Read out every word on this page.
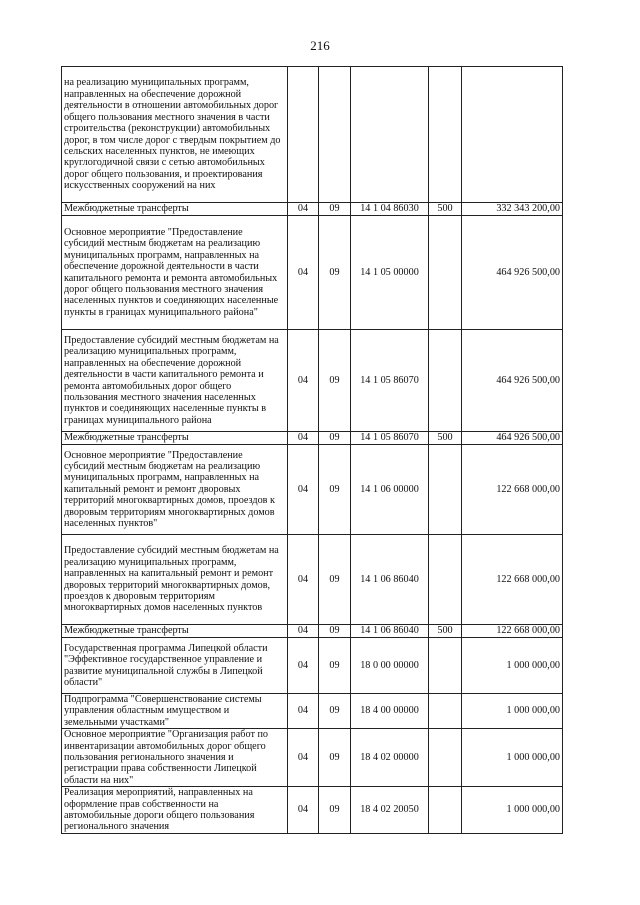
216
на реализацию муниципальных программ, направленных на обеспечение дорожной деятельности в отношении автомобильных дорог общего пользования местного значения в части строительства (реконструкции) автомобильных дорог, в том числе дорог с твердым покрытием до сельских населенных пунктов, не имеющих круглогодичной связи с сетью автомобильных дорог общего пользования, и проектирования искусственных сооружений на них					
Межбюджетные трансферты	04	09	14 1 04 86030	500	332 343 200,00
Основное мероприятие "Предоставление субсидий местным бюджетам на реализацию муниципальных программ, направленных на обеспечение дорожной деятельности в части капитального ремонта и ремонта автомобильных дорог общего пользования местного значения населенных пунктов и соединяющих населенные пункты в границах муниципального района"	04	09	14 1 05 00000		464 926 500,00
Предоставление субсидий местным бюджетам на реализацию муниципальных программ, направленных на обеспечение дорожной деятельности в части капитального ремонта и ремонта автомобильных дорог общего пользования местного значения населенных пунктов и соединяющих населенные пункты в границах муниципального района	04	09	14 1 05 86070		464 926 500,00
Межбюджетные трансферты	04	09	14 1 05 86070	500	464 926 500,00
Основное мероприятие "Предоставление субсидий местным бюджетам на реализацию муниципальных программ, направленных на капитальный ремонт и ремонт дворовых территорий многоквартирных домов, проездов к дворовым территориям многоквартирных домов населенных пунктов"	04	09	14 1 06 00000		122 668 000,00
Предоставление субсидий местным бюджетам на реализацию муниципальных программ, направленных на капитальный ремонт и ремонт дворовых территорий многоквартирных домов, проездов к дворовым территориям многоквартирных домов населенных пунктов	04	09	14 1 06 86040		122 668 000,00
Межбюджетные трансферты	04	09	14 1 06 86040	500	122 668 000,00
Государственная программа Липецкой области "Эффективное государственное управление и развитие муниципальной службы в Липецкой области"	04	09	18 0 00 00000		1 000 000,00
Подпрограмма "Совершенствование системы управления областным имуществом и земельными участками"	04	09	18 4 00 00000		1 000 000,00
Основное мероприятие "Организация работ по инвентаризации автомобильных дорог общего пользования регионального значения и регистрации права собственности Липецкой области на них"	04	09	18 4 02 00000		1 000 000,00
Реализация мероприятий, направленных на оформление прав собственности на автомобильные дороги общего пользования регионального значения	04	09	18 4 02 20050		1 000 000,00
